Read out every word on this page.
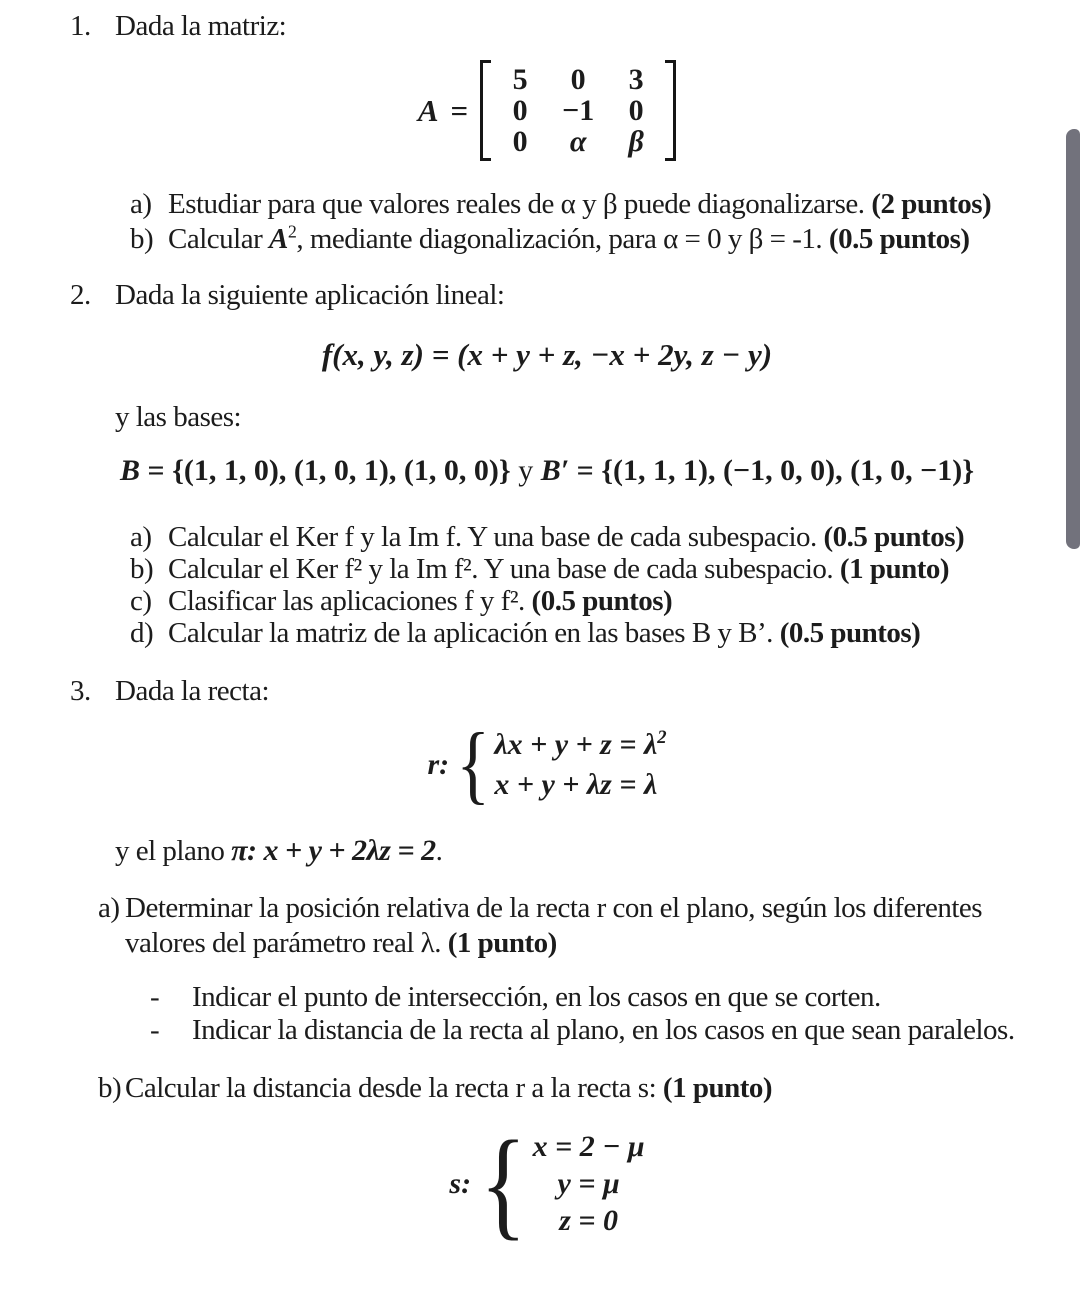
1. Dada la matriz:
A =
5	0	3
0	−1	0
0	α	β
a) Estudiar para que valores reales de α y β puede diagonalizarse. (2 puntos)
b) Calcular $A^2$, mediante diagonalización, para α = 0 y β = -1. (0.5 puntos)
2. Dada la siguiente aplicación lineal:
f(x, y, z) = (x + y + z, −x + 2y, z − y)
y las bases:
B = {(1, 1, 0), (1, 0, 1), (1, 0, 0)} y B′ = {(1, 1, 1), (−1, 0, 0), (1, 0, −1)}
a) Calcular el Ker f y la Im f. Y una base de cada subespacio. (0.5 puntos)
b) Calcular el Ker f² y la Im f². Y una base de cada subespacio. (1 punto)
c) Clasificar las aplicaciones f y f². (0.5 puntos)
d) Calcular la matriz de la aplicación en las bases B y B’. (0.5 puntos)
3. Dada la recta:
r: { $\lambda x + y + z = \lambda^2$
x + y + λz = λ
y el plano π: x + y + 2λz = 2.
a) Determinar la posición relativa de la recta r con el plano, según los diferentes valores del parámetro real λ. (1 punto)
-	Indicar el punto de intersección, en los casos en que se corten.
-	Indicar la distancia de la recta al plano, en los casos en que sean paralelos.
b) Calcular la distancia desde la recta r a la recta s: (1 punto)
s: { x = 2 − μ
y = μ
z = 0
